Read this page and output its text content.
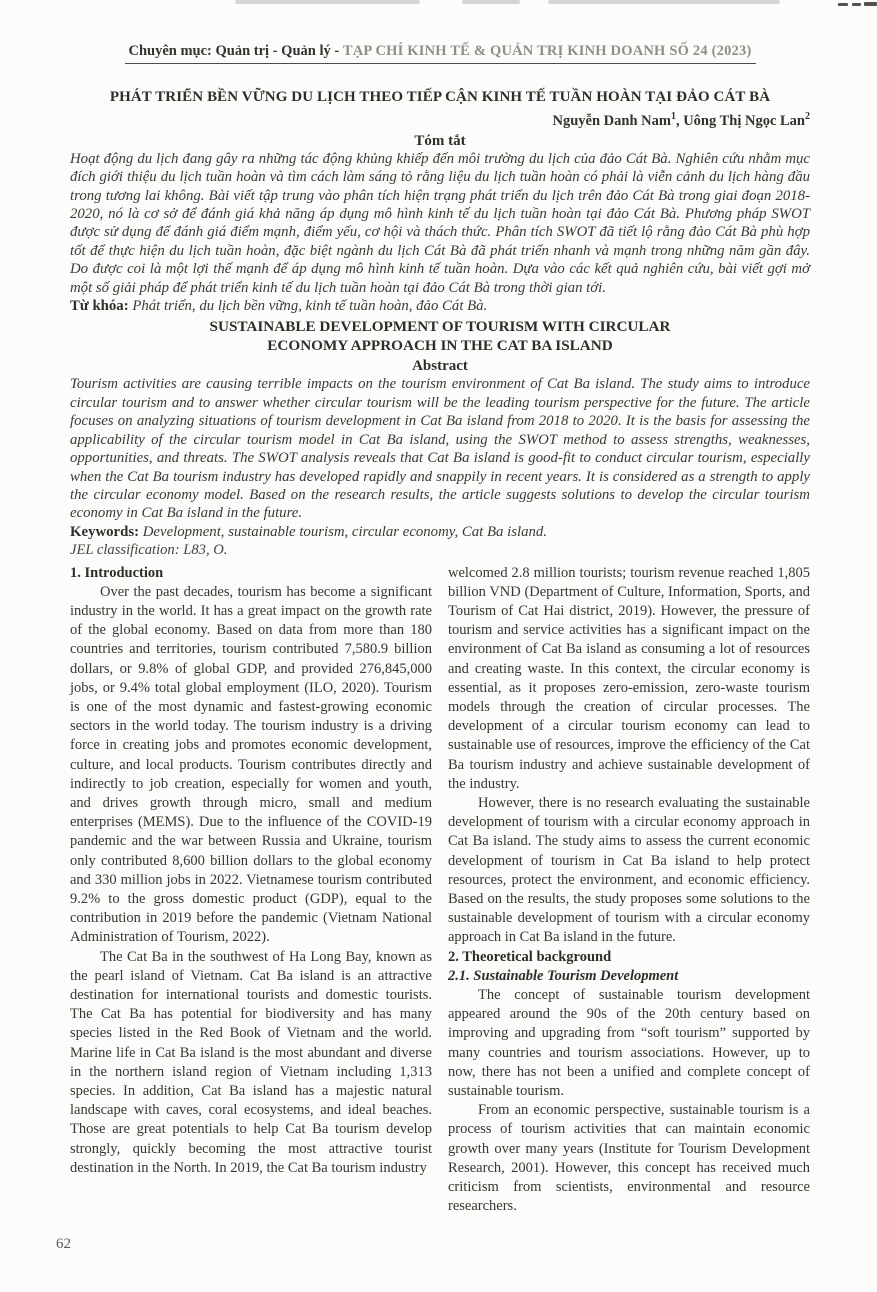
Chuyên mục: Quản trị - Quản lý - TẠP CHÍ KINH TẾ & QUẢN TRỊ KINH DOANH SỐ 24 (2023)
PHÁT TRIỂN BỀN VỮNG DU LỊCH THEO TIẾP CẬN KINH TẾ TUẦN HOÀN TẠI ĐẢO CÁT BÀ
Nguyễn Danh Nam$^1$, Uông Thị Ngọc Lan$^2$
Tóm tắt
Hoạt động du lịch đang gây ra những tác động khủng khiếp đến môi trường du lịch của đảo Cát Bà. Nghiên cứu nhằm mục đích giới thiệu du lịch tuần hoàn và tìm cách làm sáng tỏ rằng liệu du lịch tuần hoàn có phải là viễn cảnh du lịch hàng đầu trong tương lai không. Bài viết tập trung vào phân tích hiện trạng phát triển du lịch trên đảo Cát Bà trong giai đoạn 2018-2020, nó là cơ sở để đánh giá khả năng áp dụng mô hình kinh tế du lịch tuần hoàn tại đảo Cát Bà. Phương pháp SWOT được sử dụng để đánh giá điểm mạnh, điểm yếu, cơ hội và thách thức. Phân tích SWOT đã tiết lộ rằng đảo Cát Bà phù hợp tốt để thực hiện du lịch tuần hoàn, đặc biệt ngành du lịch Cát Bà đã phát triển nhanh và mạnh trong những năm gần đây. Do được coi là một lợi thế mạnh để áp dụng mô hình kinh tế tuần hoàn. Dựa vào các kết quả nghiên cứu, bài viết gợi mở một số giải pháp để phát triển kinh tế du lịch tuần hoàn tại đảo Cát Bà trong thời gian tới.
Từ khóa: Phát triển, du lịch bền vững, kinh tế tuần hoàn, đảo Cát Bà.
SUSTAINABLE DEVELOPMENT OF TOURISM WITH CIRCULAR
ECONOMY APPROACH IN THE CAT BA ISLAND
Abstract
Tourism activities are causing terrible impacts on the tourism environment of Cat Ba island. The study aims to introduce circular tourism and to answer whether circular tourism will be the leading tourism perspective for the future. The article focuses on analyzing situations of tourism development in Cat Ba island from 2018 to 2020. It is the basis for assessing the applicability of the circular tourism model in Cat Ba island, using the SWOT method to assess strengths, weaknesses, opportunities, and threats. The SWOT analysis reveals that Cat Ba island is good-fit to conduct circular tourism, especially when the Cat Ba tourism industry has developed rapidly and snappily in recent years. It is considered as a strength to apply the circular economy model. Based on the research results, the article suggests solutions to develop the circular tourism economy in Cat Ba island in the future.
Keywords: Development, sustainable tourism, circular economy, Cat Ba island.
JEL classification: L83, O.

1. Introduction

Over the past decades, tourism has become a significant industry in the world. It has a great impact on the growth rate of the global economy. Based on data from more than 180 countries and territories, tourism contributed 7,580.9 billion dollars, or 9.8% of global GDP, and provided 276,845,000 jobs, or 9.4% total global employment (ILO, 2020). Tourism is one of the most dynamic and fastest-growing economic sectors in the world today. The tourism industry is a driving force in creating jobs and promotes economic development, culture, and local products. Tourism contributes directly and indirectly to job creation, especially for women and youth, and drives growth through micro, small and medium enterprises (MEMS). Due to the influence of the COVID-19 pandemic and the war between Russia and Ukraine, tourism only contributed 8,600 billion dollars to the global economy and 330 million jobs in 2022. Vietnamese tourism contributed 9.2% to the gross domestic product (GDP), equal to the contribution in 2019 before the pandemic (Vietnam National Administration of Tourism, 2022).

The Cat Ba in the southwest of Ha Long Bay, known as the pearl island of Vietnam. Cat Ba island is an attractive destination for international tourists and domestic tourists. The Cat Ba has potential for biodiversity and has many species listed in the Red Book of Vietnam and the world. Marine life in Cat Ba island is the most abundant and diverse in the northern island region of Vietnam including 1,313 species. In addition, Cat Ba island has a majestic natural landscape with caves, coral ecosystems, and ideal beaches. Those are great potentials to help Cat Ba tourism develop strongly, quickly becoming the most attractive tourist destination in the North. In 2019, the Cat Ba tourism industry

welcomed 2.8 million tourists; tourism revenue reached 1,805 billion VND (Department of Culture, Information, Sports, and Tourism of Cat Hai district, 2019). However, the pressure of tourism and service activities has a significant impact on the environment of Cat Ba island as consuming a lot of resources and creating waste. In this context, the circular economy is essential, as it proposes zero-emission, zero-waste tourism models through the creation of circular processes. The development of a circular tourism economy can lead to sustainable use of resources, improve the efficiency of the Cat Ba tourism industry and achieve sustainable development of the industry.

However, there is no research evaluating the sustainable development of tourism with a circular economy approach in Cat Ba island. The study aims to assess the current economic development of tourism in Cat Ba island to help protect resources, protect the environment, and economic efficiency. Based on the results, the study proposes some solutions to the sustainable development of tourism with a circular economy approach in Cat Ba island in the future.

2. Theoretical background

2.1. Sustainable Tourism Development

The concept of sustainable tourism development appeared around the 90s of the 20th century based on improving and upgrading from “soft tourism” supported by many countries and tourism associations. However, up to now, there has not been a unified and complete concept of sustainable tourism.

From an economic perspective, sustainable tourism is a process of tourism activities that can maintain economic growth over many years (Institute for Tourism Development Research, 2001). However, this concept has received much criticism from scientists, environmental and resource researchers.

62
